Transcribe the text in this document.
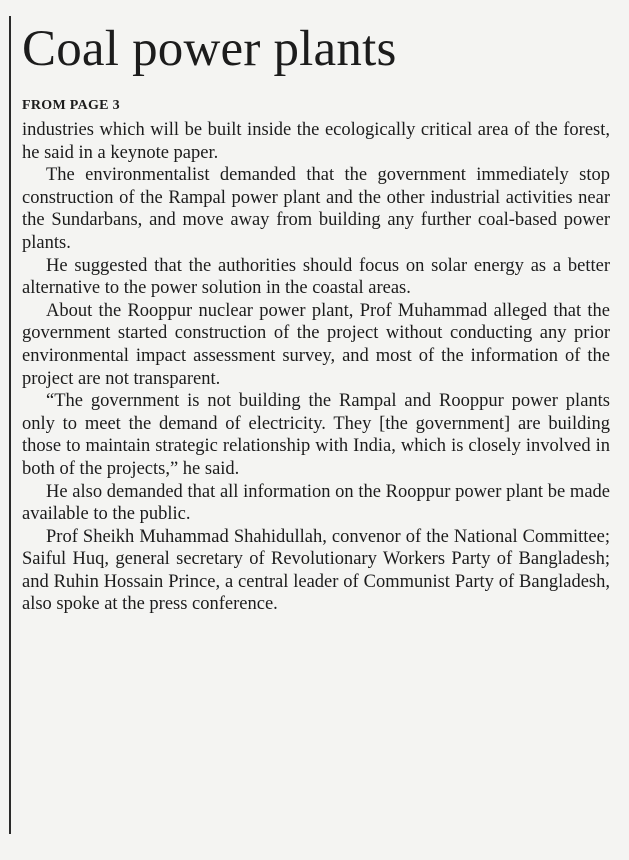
Coal power plants
FROM PAGE 3

industries which will be built inside the ecologically critical area of the forest, he said in a keynote paper.

The environmentalist demanded that the government immediately stop construction of the Rampal power plant and the other industrial activities near the Sundarbans, and move away from building any further coal-based power plants.

He suggested that the authorities should focus on solar energy as a better alternative to the power solution in the coastal areas.

About the Rooppur nuclear power plant, Prof Muhammad alleged that the government started construction of the project without conducting any prior environmental impact assessment survey, and most of the information of the project are not transparent.

“The government is not building the Rampal and Rooppur power plants only to meet the demand of electricity. They [the government] are building those to maintain strategic relationship with India, which is closely involved in both of the projects,” he said.

He also demanded that all information on the Rooppur power plant be made available to the public.

Prof Sheikh Muhammad Shahidullah, convenor of the National Committee; Saiful Huq, general secretary of Revolutionary Workers Party of Bangladesh; and Ruhin Hossain Prince, a central leader of Communist Party of Bangladesh, also spoke at the press conference.
